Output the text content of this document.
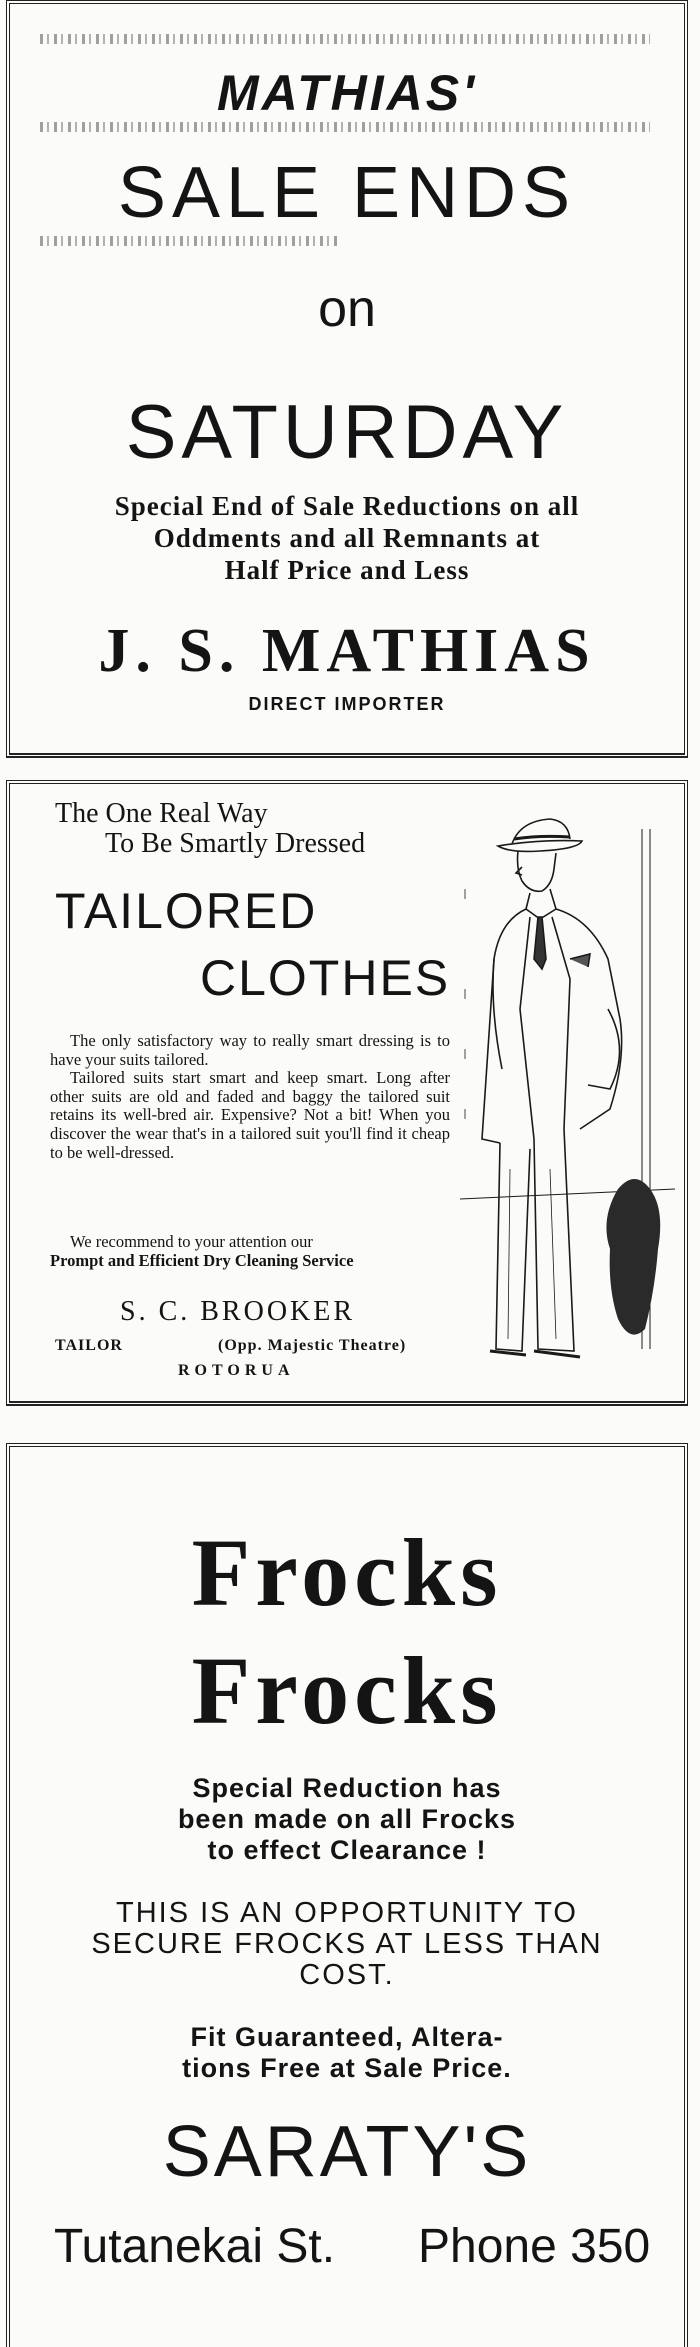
MATHIAS'
SALE ENDS
on
SATURDAY
Special End of Sale Reductions on all
Oddments and all Remnants at
Half Price and Less
J. S. MATHIAS
DIRECT IMPORTER
The One Real Way
To Be Smartly Dressed
TAILORED
CLOTHES

The only satisfactory way to really smart dressing is to have your suits tailored.

Tailored suits start smart and keep smart. Long after other suits are old and faded and baggy the tailored suit retains its well-bred air. Expensive? Not a bit! When you discover the wear that's in a tailored suit you'll find it cheap to be well-dressed.

We recommend to your attention our
Prompt and Efficient Dry Cleaning Service
S. C. BROOKER
TAILOR	(Opp. Majestic Theatre)
ROTORUA
Frocks
Frocks
Special Reduction has
been made on all Frocks
to effect Clearance !
THIS IS AN OPPORTUNITY TO
SECURE FROCKS AT LESS THAN
COST.
Fit Guaranteed, Altera-
tions Free at Sale Price.
SARATY'S
Tutanekai St. Phone 350
